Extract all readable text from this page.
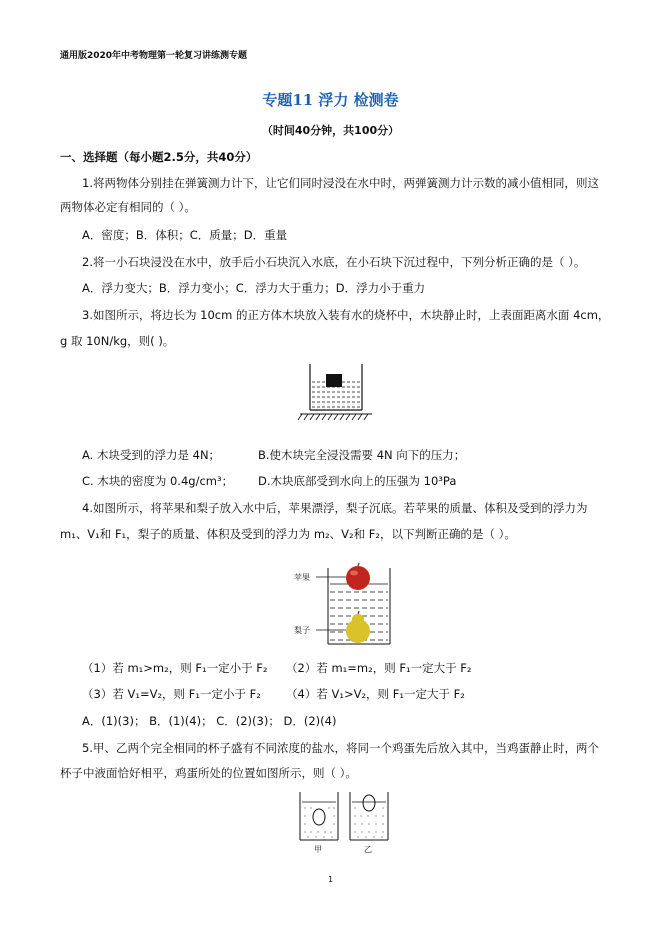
通用版2020年中考物理第一轮复习讲练测专题
专题11 浮力 检测卷
（时间40分钟，共100分）
一、选择题（每小题2.5分，共40分）
1.将两物体分别挂在弹簧测力计下，让它们同时浸没在水中时，两弹簧测力计示数的减小值相同，则这
两物体必定有相同的（ ）。
A．密度；B．体积；C．质量；D．重量
2.将一小石块浸没在水中，放手后小石块沉入水底，在小石块下沉过程中，下列分析正确的是（ ）。
A．浮力变大；B．浮力变小；C．浮力大于重力；D．浮力小于重力
3.如图所示，将边长为 10cm 的正方体木块放入装有水的烧杯中，木块静止时，上表面距离水面 4cm，
g 取 10N/kg，则( )。
A. 木块受到的浮力是 4N；	B.使木块完全浸没需要 4N 向下的压力；
C. 木块的密度为 0.4g/cm³； D.木块底部受到水向上的压强为 10³Pa
4.如图所示，将苹果和梨子放入水中后，苹果漂浮，梨子沉底。若苹果的质量、体积及受到的浮力为
m₁、V₁和 F₁，梨子的质量、体积及受到的浮力为 m₂、V₂和 F₂，以下判断正确的是（ ）。
苹果
梨子
（1）若 m₁>m₂，则 F₁一定小于 F₂ （2）若 m₁=m₂，则 F₁一定大于 F₂
（3）若 V₁=V₂，则 F₁一定小于 F₂ （4）若 V₁>V₂，则 F₁一定大于 F₂
A．(1)(3)； B．(1)(4)； C．(2)(3)； D．(2)(4)
5.甲、乙两个完全相同的杯子盛有不同浓度的盐水，将同一个鸡蛋先后放入其中，当鸡蛋静止时，两个
杯子中液面恰好相平，鸡蛋所处的位置如图所示，则（ ）。
甲	乙
1
